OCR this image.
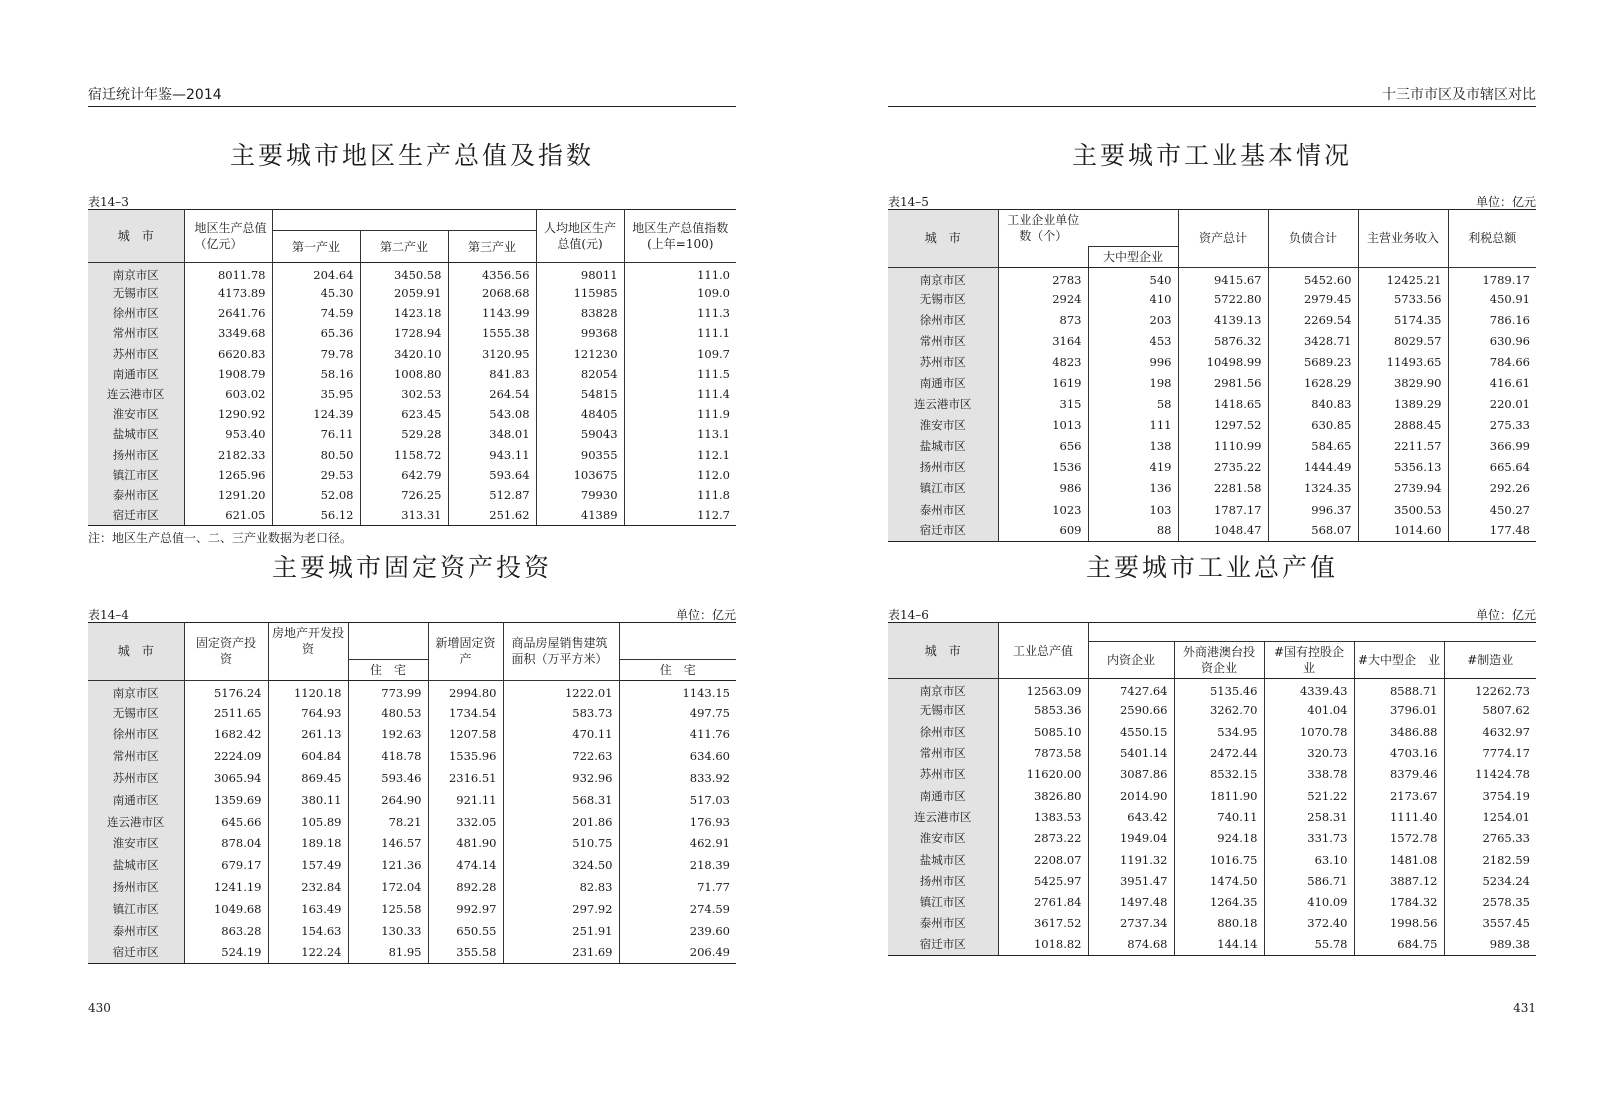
宿迁统计年鉴—2014
主要城市地区生产总值及指数
表14–3
城　市	地区生产总值（亿元）				人均地区生产总值(元)	地区生产总值指数(上年=100)
		第一产业	第二产业	第三产业		
南京市区	8011.78	204.64	3450.58	4356.56	98011	111.0
无锡市区	4173.89	45.30	2059.91	2068.68	115985	109.0
徐州市区	2641.76	74.59	1423.18	1143.99	83828	111.3
常州市区	3349.68	65.36	1728.94	1555.38	99368	111.1
苏州市区	6620.83	79.78	3420.10	3120.95	121230	109.7
南通市区	1908.79	58.16	1008.80	841.83	82054	111.5
连云港市区	603.02	35.95	302.53	264.54	54815	111.4
淮安市区	1290.92	124.39	623.45	543.08	48405	111.9
盐城市区	953.40	76.11	529.28	348.01	59043	113.1
扬州市区	2182.33	80.50	1158.72	943.11	90355	112.1
镇江市区	1265.96	29.53	642.79	593.64	103675	112.0
泰州市区	1291.20	52.08	726.25	512.87	79930	111.8
宿迁市区	621.05	56.12	313.31	251.62	41389	112.7
注：地区生产总值一、二、三产业数据为老口径。
主要城市固定资产投资
表14–4	单位：亿元
城　市	固定资产投　资	房地产开发投　资		新增固定资　产	商品房屋销售建筑面积（万平方米）	
			住　宅			住　宅
南京市区	5176.24	1120.18	773.99	2994.80	1222.01	1143.15
无锡市区	2511.65	764.93	480.53	1734.54	583.73	497.75
徐州市区	1682.42	261.13	192.63	1207.58	470.11	411.76
常州市区	2224.09	604.84	418.78	1535.96	722.63	634.60
苏州市区	3065.94	869.45	593.46	2316.51	932.96	833.92
南通市区	1359.69	380.11	264.90	921.11	568.31	517.03
连云港市区	645.66	105.89	78.21	332.05	201.86	176.93
淮安市区	878.04	189.18	146.57	481.90	510.75	462.91
盐城市区	679.17	157.49	121.36	474.14	324.50	218.39
扬州市区	1241.19	232.84	172.04	892.28	82.83	71.77
镇江市区	1049.68	163.49	125.58	992.97	297.92	274.59
泰州市区	863.28	154.63	130.33	650.55	251.91	239.60
宿迁市区	524.19	122.24	81.95	355.58	231.69	206.49
430
十三市市区及市辖区对比
主要城市工业基本情况
表14–5	单位：亿元
城　市	工业企业单位数（个）		资产总计	负债合计	主营业务收入	利税总额
		大中型企业				
南京市区	2783	540	9415.67	5452.60	12425.21	1789.17
无锡市区	2924	410	5722.80	2979.45	5733.56	450.91
徐州市区	873	203	4139.13	2269.54	5174.35	786.16
常州市区	3164	453	5876.32	3428.71	8029.57	630.96
苏州市区	4823	996	10498.99	5689.23	11493.65	784.66
南通市区	1619	198	2981.56	1628.29	3829.90	416.61
连云港市区	315	58	1418.65	840.83	1389.29	220.01
淮安市区	1013	111	1297.52	630.85	2888.45	275.33
盐城市区	656	138	1110.99	584.65	2211.57	366.99
扬州市区	1536	419	2735.22	1444.49	5356.13	665.64
镇江市区	986	136	2281.58	1324.35	2739.94	292.26
泰州市区	1023	103	1787.17	996.37	3500.53	450.27
宿迁市区	609	88	1048.47	568.07	1014.60	177.48
主要城市工业总产值
表14–6	单位：亿元
城　市	工业总产值					
		内资企业	外商港澳台投资企业	#国有控股企　业	#大中型企　业	#制造业
南京市区	12563.09	7427.64	5135.46	4339.43	8588.71	12262.73
无锡市区	5853.36	2590.66	3262.70	401.04	3796.01	5807.62
徐州市区	5085.10	4550.15	534.95	1070.78	3486.88	4632.97
常州市区	7873.58	5401.14	2472.44	320.73	4703.16	7774.17
苏州市区	11620.00	3087.86	8532.15	338.78	8379.46	11424.78
南通市区	3826.80	2014.90	1811.90	521.22	2173.67	3754.19
连云港市区	1383.53	643.42	740.11	258.31	1111.40	1254.01
淮安市区	2873.22	1949.04	924.18	331.73	1572.78	2765.33
盐城市区	2208.07	1191.32	1016.75	63.10	1481.08	2182.59
扬州市区	5425.97	3951.47	1474.50	586.71	3887.12	5234.24
镇江市区	2761.84	1497.48	1264.35	410.09	1784.32	2578.35
泰州市区	3617.52	2737.34	880.18	372.40	1998.56	3557.45
宿迁市区	1018.82	874.68	144.14	55.78	684.75	989.38
431
